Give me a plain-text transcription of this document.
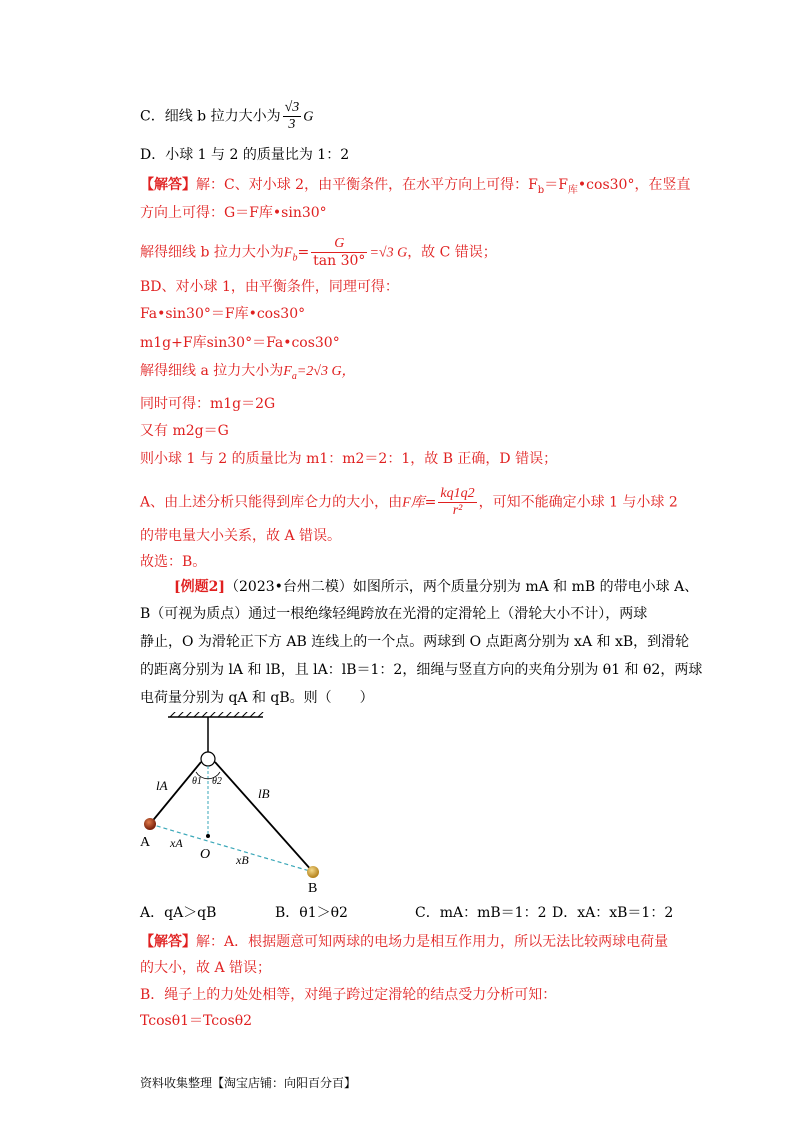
C．细线 b 拉力大小为 $\frac{√3}{3}$ G
D．小球 1 与 2 的质量比为 1：2
【解答】解：C、对小球 2，由平衡条件，在水平方向上可得：$F_b=F_库•\cos 30^\circ$，在竖直
方向上可得：G＝F库•sin30°
解得细线 b 拉力大小为$F_b= \frac{G}{\tan 30^\circ} =√3$ G，故 C 错误；
BD、对小球 1，由平衡条件，同理可得：
Fa•sin30°＝F库•cos30°
m1g+F库sin30°＝Fa•cos30°
解得细线 a 拉力大小为$F_a=2√3$ G，
同时可得：m1g＝2G
又有 m2g＝G
则小球 1 与 2 的质量比为 m1：m2＝2：1，故 B 正确，D 错误；
A、由上述分析只能得到库仑力的大小，由F库= $\frac{kq1q2}{\text{r²}}$ ，可知不能确定小球 1 与小球 2
的带电量大小关系，故 A 错误。
故选：B。
[例题2]（2023•台州二模）如图所示，两个质量分别为 mA 和 mB 的带电小球 A、
B（可视为质点）通过一根绝缘轻绳跨放在光滑的定滑轮上（滑轮大小不计），两球
静止，O 为滑轮正下方 AB 连线上的一个点。两球到 O 点距离分别为 xA 和 xB，到滑轮
的距离分别为 lA 和 lB，且 lA：lB＝1：2，细绳与竖直方向的夹角分别为 θ1 和 θ2，两球
电荷量分别为 qA 和 qB。则（　　）
lA
lB
θ1 θ2
A
B
O
xA
xB
A．qA＞qB	B．θ1＞θ2	C．mA：mB＝1：2 D．xA：xB＝1：2
【解答】解：A．根据题意可知两球的电场力是相互作用力，所以无法比较两球电荷量
的大小，故 A 错误；
B．绳子上的力处处相等，对绳子跨过定滑轮的结点受力分析可知：
Tcosθ1＝Tcosθ2
资料收集整理【淘宝店铺：向阳百分百】
